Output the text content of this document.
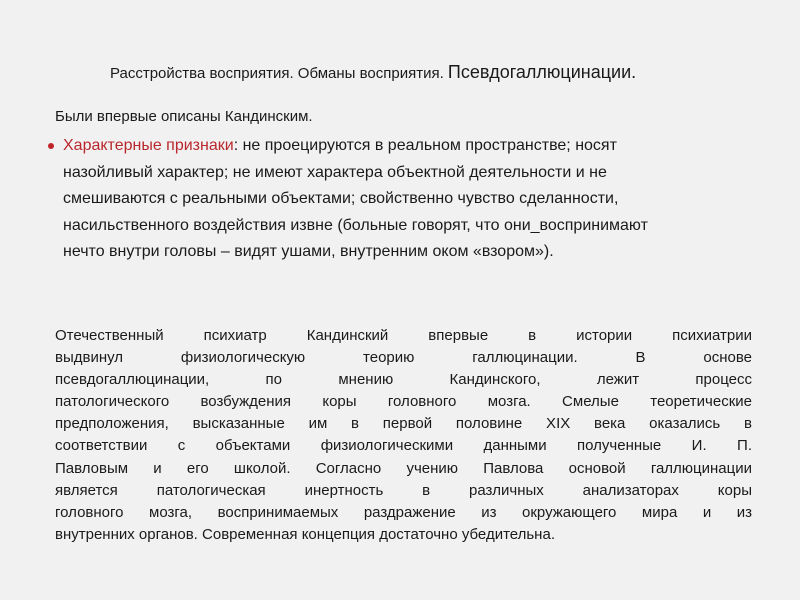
Расстройства восприятия. Обманы восприятия. Псевдогаллюцинации.
Были впервые описаны Кандинским.
Характерные признаки: не проецируются в реальном пространстве; носят
назойливый характер; не имеют характера объектной деятельности и не
смешиваются с реальными объектами; свойственно чувство сделанности,
насильственного воздействия извне (больные говорят, что они_воспринимают
нечто внутри головы – видят ушами, внутренним оком «взором»).
Отечественный психиатр Кандинский впервые в истории психиатрии
выдвинул физиологическую теорию галлюцинации. В основе
псевдогаллюцинации, по мнению Кандинского, лежит процесс
патологического возбуждения коры головного мозга. Смелые теоретические
предположения, высказанные им в первой половине XIX века оказались в
соответствии с объектами физиологическими данными полученные И. П.
Павловым и его школой. Согласно учению Павлова основой галлюцинации
является патологическая инертность в различных анализаторах коры
головного мозга, воспринимаемых раздражение из окружающего мира и из
внутренних органов. Современная концепция достаточно убедительна.
